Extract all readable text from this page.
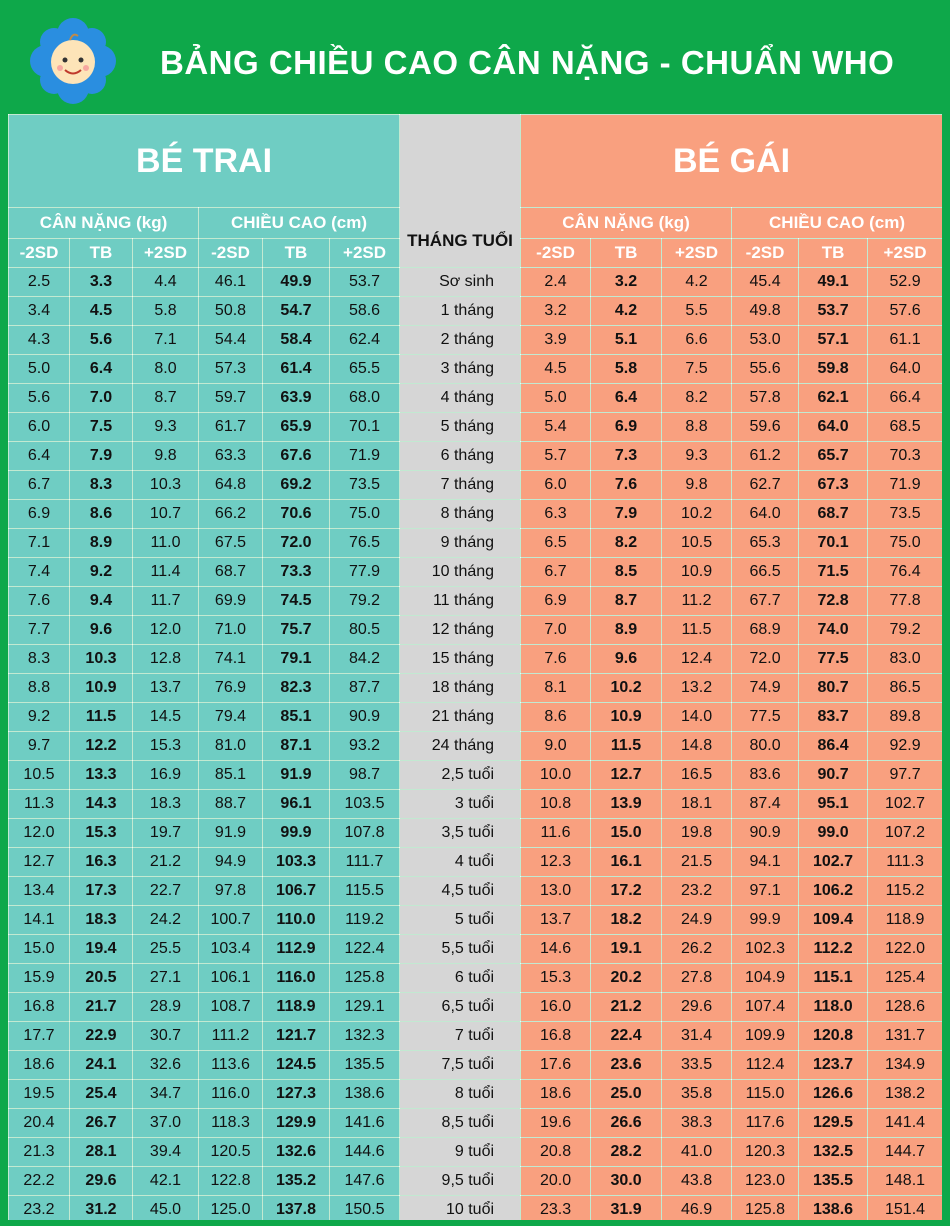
BẢNG CHIỀU CAO CÂN NẶNG - CHUẨN WHO
BÉ TRAI						THÁNG TUỔI	BÉ GÁI					
CÂN NẶNG (kg)			CHIỀU CAO (cm)				CÂN NẶNG (kg)			CHIỀU CAO (cm)		
-2SD	TB	+2SD	-2SD	TB	+2SD		-2SD	TB	+2SD	-2SD	TB	+2SD
2.5	3.3	4.4	46.1	49.9	53.7	Sơ sinh	2.4	3.2	4.2	45.4	49.1	52.9
3.4	4.5	5.8	50.8	54.7	58.6	1 tháng	3.2	4.2	5.5	49.8	53.7	57.6
4.3	5.6	7.1	54.4	58.4	62.4	2 tháng	3.9	5.1	6.6	53.0	57.1	61.1
5.0	6.4	8.0	57.3	61.4	65.5	3 tháng	4.5	5.8	7.5	55.6	59.8	64.0
5.6	7.0	8.7	59.7	63.9	68.0	4 tháng	5.0	6.4	8.2	57.8	62.1	66.4
6.0	7.5	9.3	61.7	65.9	70.1	5 tháng	5.4	6.9	8.8	59.6	64.0	68.5
6.4	7.9	9.8	63.3	67.6	71.9	6 tháng	5.7	7.3	9.3	61.2	65.7	70.3
6.7	8.3	10.3	64.8	69.2	73.5	7 tháng	6.0	7.6	9.8	62.7	67.3	71.9
6.9	8.6	10.7	66.2	70.6	75.0	8 tháng	6.3	7.9	10.2	64.0	68.7	73.5
7.1	8.9	11.0	67.5	72.0	76.5	9 tháng	6.5	8.2	10.5	65.3	70.1	75.0
7.4	9.2	11.4	68.7	73.3	77.9	10 tháng	6.7	8.5	10.9	66.5	71.5	76.4
7.6	9.4	11.7	69.9	74.5	79.2	11 tháng	6.9	8.7	11.2	67.7	72.8	77.8
7.7	9.6	12.0	71.0	75.7	80.5	12 tháng	7.0	8.9	11.5	68.9	74.0	79.2
8.3	10.3	12.8	74.1	79.1	84.2	15 tháng	7.6	9.6	12.4	72.0	77.5	83.0
8.8	10.9	13.7	76.9	82.3	87.7	18 tháng	8.1	10.2	13.2	74.9	80.7	86.5
9.2	11.5	14.5	79.4	85.1	90.9	21 tháng	8.6	10.9	14.0	77.5	83.7	89.8
9.7	12.2	15.3	81.0	87.1	93.2	24 tháng	9.0	11.5	14.8	80.0	86.4	92.9
10.5	13.3	16.9	85.1	91.9	98.7	2,5 tuổi	10.0	12.7	16.5	83.6	90.7	97.7
11.3	14.3	18.3	88.7	96.1	103.5	3 tuổi	10.8	13.9	18.1	87.4	95.1	102.7
12.0	15.3	19.7	91.9	99.9	107.8	3,5 tuổi	11.6	15.0	19.8	90.9	99.0	107.2
12.7	16.3	21.2	94.9	103.3	111.7	4 tuổi	12.3	16.1	21.5	94.1	102.7	111.3
13.4	17.3	22.7	97.8	106.7	115.5	4,5 tuổi	13.0	17.2	23.2	97.1	106.2	115.2
14.1	18.3	24.2	100.7	110.0	119.2	5 tuổi	13.7	18.2	24.9	99.9	109.4	118.9
15.0	19.4	25.5	103.4	112.9	122.4	5,5 tuổi	14.6	19.1	26.2	102.3	112.2	122.0
15.9	20.5	27.1	106.1	116.0	125.8	6 tuổi	15.3	20.2	27.8	104.9	115.1	125.4
16.8	21.7	28.9	108.7	118.9	129.1	6,5 tuổi	16.0	21.2	29.6	107.4	118.0	128.6
17.7	22.9	30.7	111.2	121.7	132.3	7 tuổi	16.8	22.4	31.4	109.9	120.8	131.7
18.6	24.1	32.6	113.6	124.5	135.5	7,5 tuổi	17.6	23.6	33.5	112.4	123.7	134.9
19.5	25.4	34.7	116.0	127.3	138.6	8 tuổi	18.6	25.0	35.8	115.0	126.6	138.2
20.4	26.7	37.0	118.3	129.9	141.6	8,5 tuổi	19.6	26.6	38.3	117.6	129.5	141.4
21.3	28.1	39.4	120.5	132.6	144.6	9 tuổi	20.8	28.2	41.0	120.3	132.5	144.7
22.2	29.6	42.1	122.8	135.2	147.6	9,5 tuổi	20.0	30.0	43.8	123.0	135.5	148.1
23.2	31.2	45.0	125.0	137.8	150.5	10 tuổi	23.3	31.9	46.9	125.8	138.6	151.4
